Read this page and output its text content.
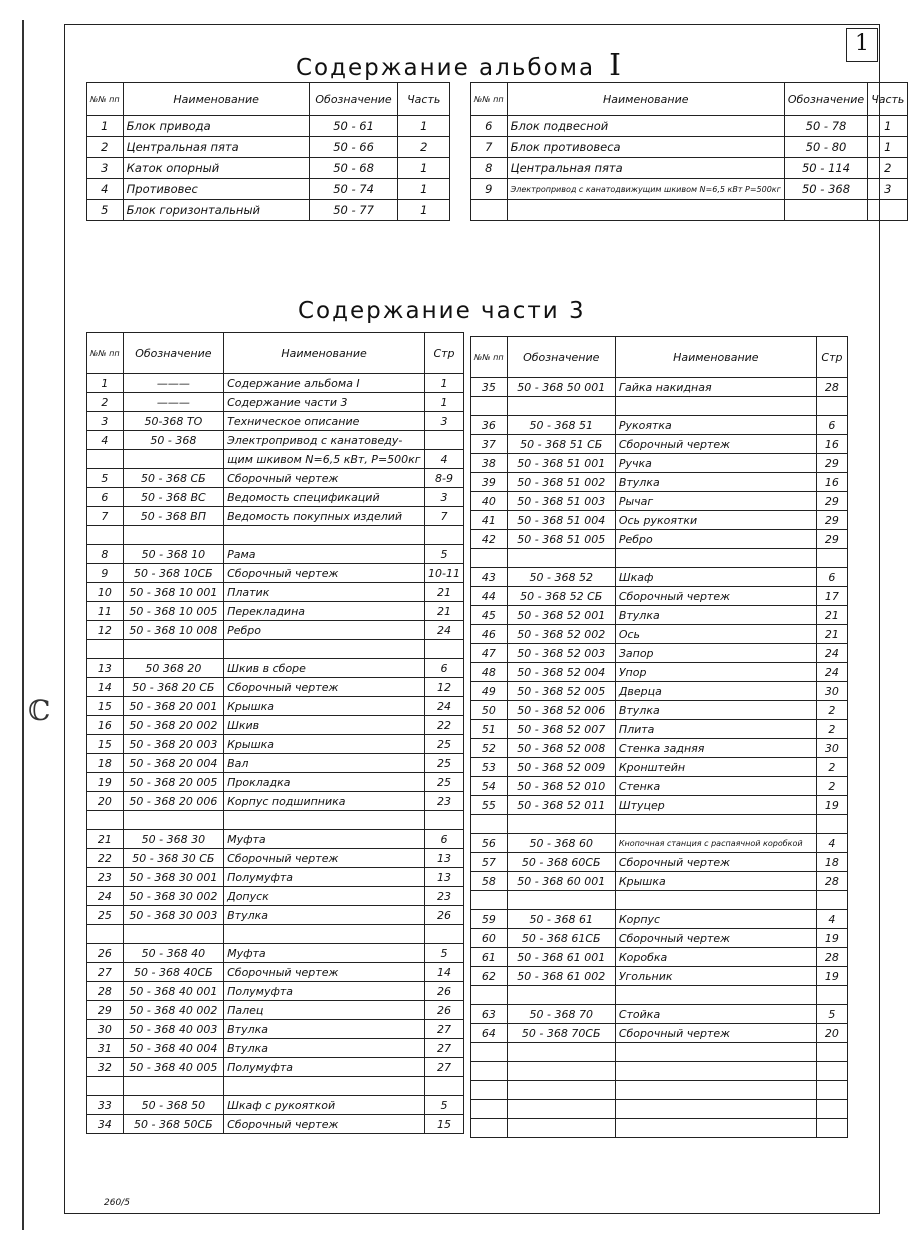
ℂ
1
Содержание альбома I
№№ пп	Наименование	Обозначение	Часть
1	Блок привода	50 - 61	1
2	Центральная пята	50 - 66	2
3	Каток опорный	50 - 68	1
4	Противовес	50 - 74	1
5	Блок горизонтальный	50 - 77	1
№№ пп	Наименование	Обозначение	Часть
6	Блок подвесной	50 - 78	1
7	Блок противовеса	50 - 80	1
8	Центральная пята	50 - 114	2
9	Электропривод с канатодвижущим шкивом N=6,5 кВт P=500кг	50 - 368	3

Содержание части 3
№№ пп	Обозначение	Наименование	Стр
1	———	Содержание альбома I	1
2	———	Содержание части 3	1
3	50-368 ТО	Техническое описание	3
4	50 - 368	Электропривод с канатоведу-	
		щим шкивом N=6,5 кВт, P=500кг	4
5	50 - 368 СБ	Сборочный чертеж	8-9
6	50 - 368 ВС	Ведомость спецификаций	3
7	50 - 368 ВП	Ведомость покупных изделий	7

8	50 - 368 10	Рама	5
9	50 - 368 10СБ	Сборочный чертеж	10-11
10	50 - 368 10 001	Платик	21
11	50 - 368 10 005	Перекладина	21
12	50 - 368 10 008	Ребро	24

13	50 368 20	Шкив в сборе	6
14	50 - 368 20 СБ	Сборочный чертеж	12
15	50 - 368 20 001	Крышка	24
16	50 - 368 20 002	Шкив	22
15	50 - 368 20 003	Крышка	25
18	50 - 368 20 004	Вал	25
19	50 - 368 20 005	Прокладка	25
20	50 - 368 20 006	Корпус подшипника	23

21	50 - 368 30	Муфта	6
22	50 - 368 30 СБ	Сборочный чертеж	13
23	50 - 368 30 001	Полумуфта	13
24	50 - 368 30 002	Допуск	23
25	50 - 368 30 003	Втулка	26

26	50 - 368 40	Муфта	5
27	50 - 368 40СБ	Сборочный чертеж	14
28	50 - 368 40 001	Полумуфта	26
29	50 - 368 40 002	Палец	26
30	50 - 368 40 003	Втулка	27
31	50 - 368 40 004	Втулка	27
32	50 - 368 40 005	Полумуфта	27

33	50 - 368 50	Шкаф с рукояткой	5
34	50 - 368 50СБ	Сборочный чертеж	15
№№ пп	Обозначение	Наименование	Стр
35	50 - 368 50 001	Гайка накидная	28

36	50 - 368 51	Рукоятка	6
37	50 - 368 51 СБ	Сборочный чертеж	16
38	50 - 368 51 001	Ручка	29
39	50 - 368 51 002	Втулка	16
40	50 - 368 51 003	Рычаг	29
41	50 - 368 51 004	Ось рукоятки	29
42	50 - 368 51 005	Ребро	29

43	50 - 368 52	Шкаф	6
44	50 - 368 52 СБ	Сборочный чертеж	17
45	50 - 368 52 001	Втулка	21
46	50 - 368 52 002	Ось	21
47	50 - 368 52 003	Запор	24
48	50 - 368 52 004	Упор	24
49	50 - 368 52 005	Дверца	30
50	50 - 368 52 006	Втулка	2
51	50 - 368 52 007	Плита	2
52	50 - 368 52 008	Стенка задняя	30
53	50 - 368 52 009	Кронштейн	2
54	50 - 368 52 010	Стенка	2
55	50 - 368 52 011	Штуцер	19

56	50 - 368 60	Кнопочная станция с распаячной коробкой	4
57	50 - 368 60СБ	Сборочный чертеж	18
58	50 - 368 60 001	Крышка	28

59	50 - 368 61	Корпус	4
60	50 - 368 61СБ	Сборочный чертеж	19
61	50 - 368 61 001	Коробка	28
62	50 - 368 61 002	Угольник	19

63	50 - 368 70	Стойка	5
64	50 - 368 70СБ	Сборочный чертеж	20

260/5
